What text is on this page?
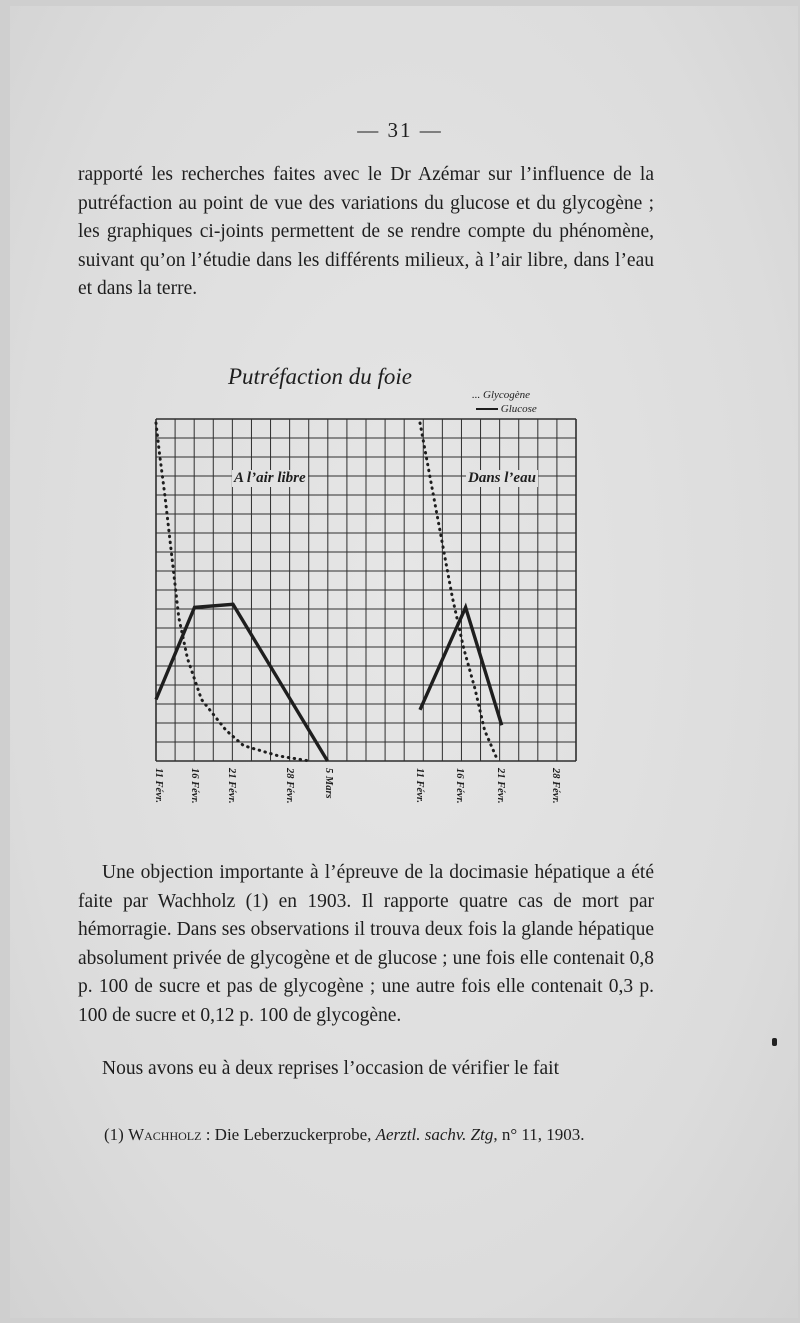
— 31 —

rapporté les recherches faites avec le Dr Azémar sur l’influence de la putréfaction au point de vue des variations du glucose et du glycogène ; les graphiques ci-joints permettent de se rendre compte du phénomène, suivant qu’on l’étudie dans les différents milieux, à l’air libre, dans l’eau et dans la terre.

Putréfaction du foie
... Glycogène
Glucose
A l’air libre	Dans l’eau
11 Févr. 16 Févr. 21 Févr.	28 Févr.	5 Mars	11 Févr.	16 Févr.	21 Févr.	28 Févr.

Une objection importante à l’épreuve de la docimasie hépatique a été faite par Wachholz (1) en 1903. Il rapporte quatre cas de mort par hémorragie. Dans ses observations il trouva deux fois la glande hépatique absolument privée de glycogène et de glucose ; une fois elle contenait 0,8 p. 100 de sucre et pas de glycogène ; une autre fois elle contenait 0,3 p. 100 de sucre et 0,12 p. 100 de glycogène.

Nous avons eu à deux reprises l’occasion de vérifier le fait

(1) Wachholz : Die Leberzuckerprobe, Aerztl. sachv. Ztg, n° 11, 1903.
